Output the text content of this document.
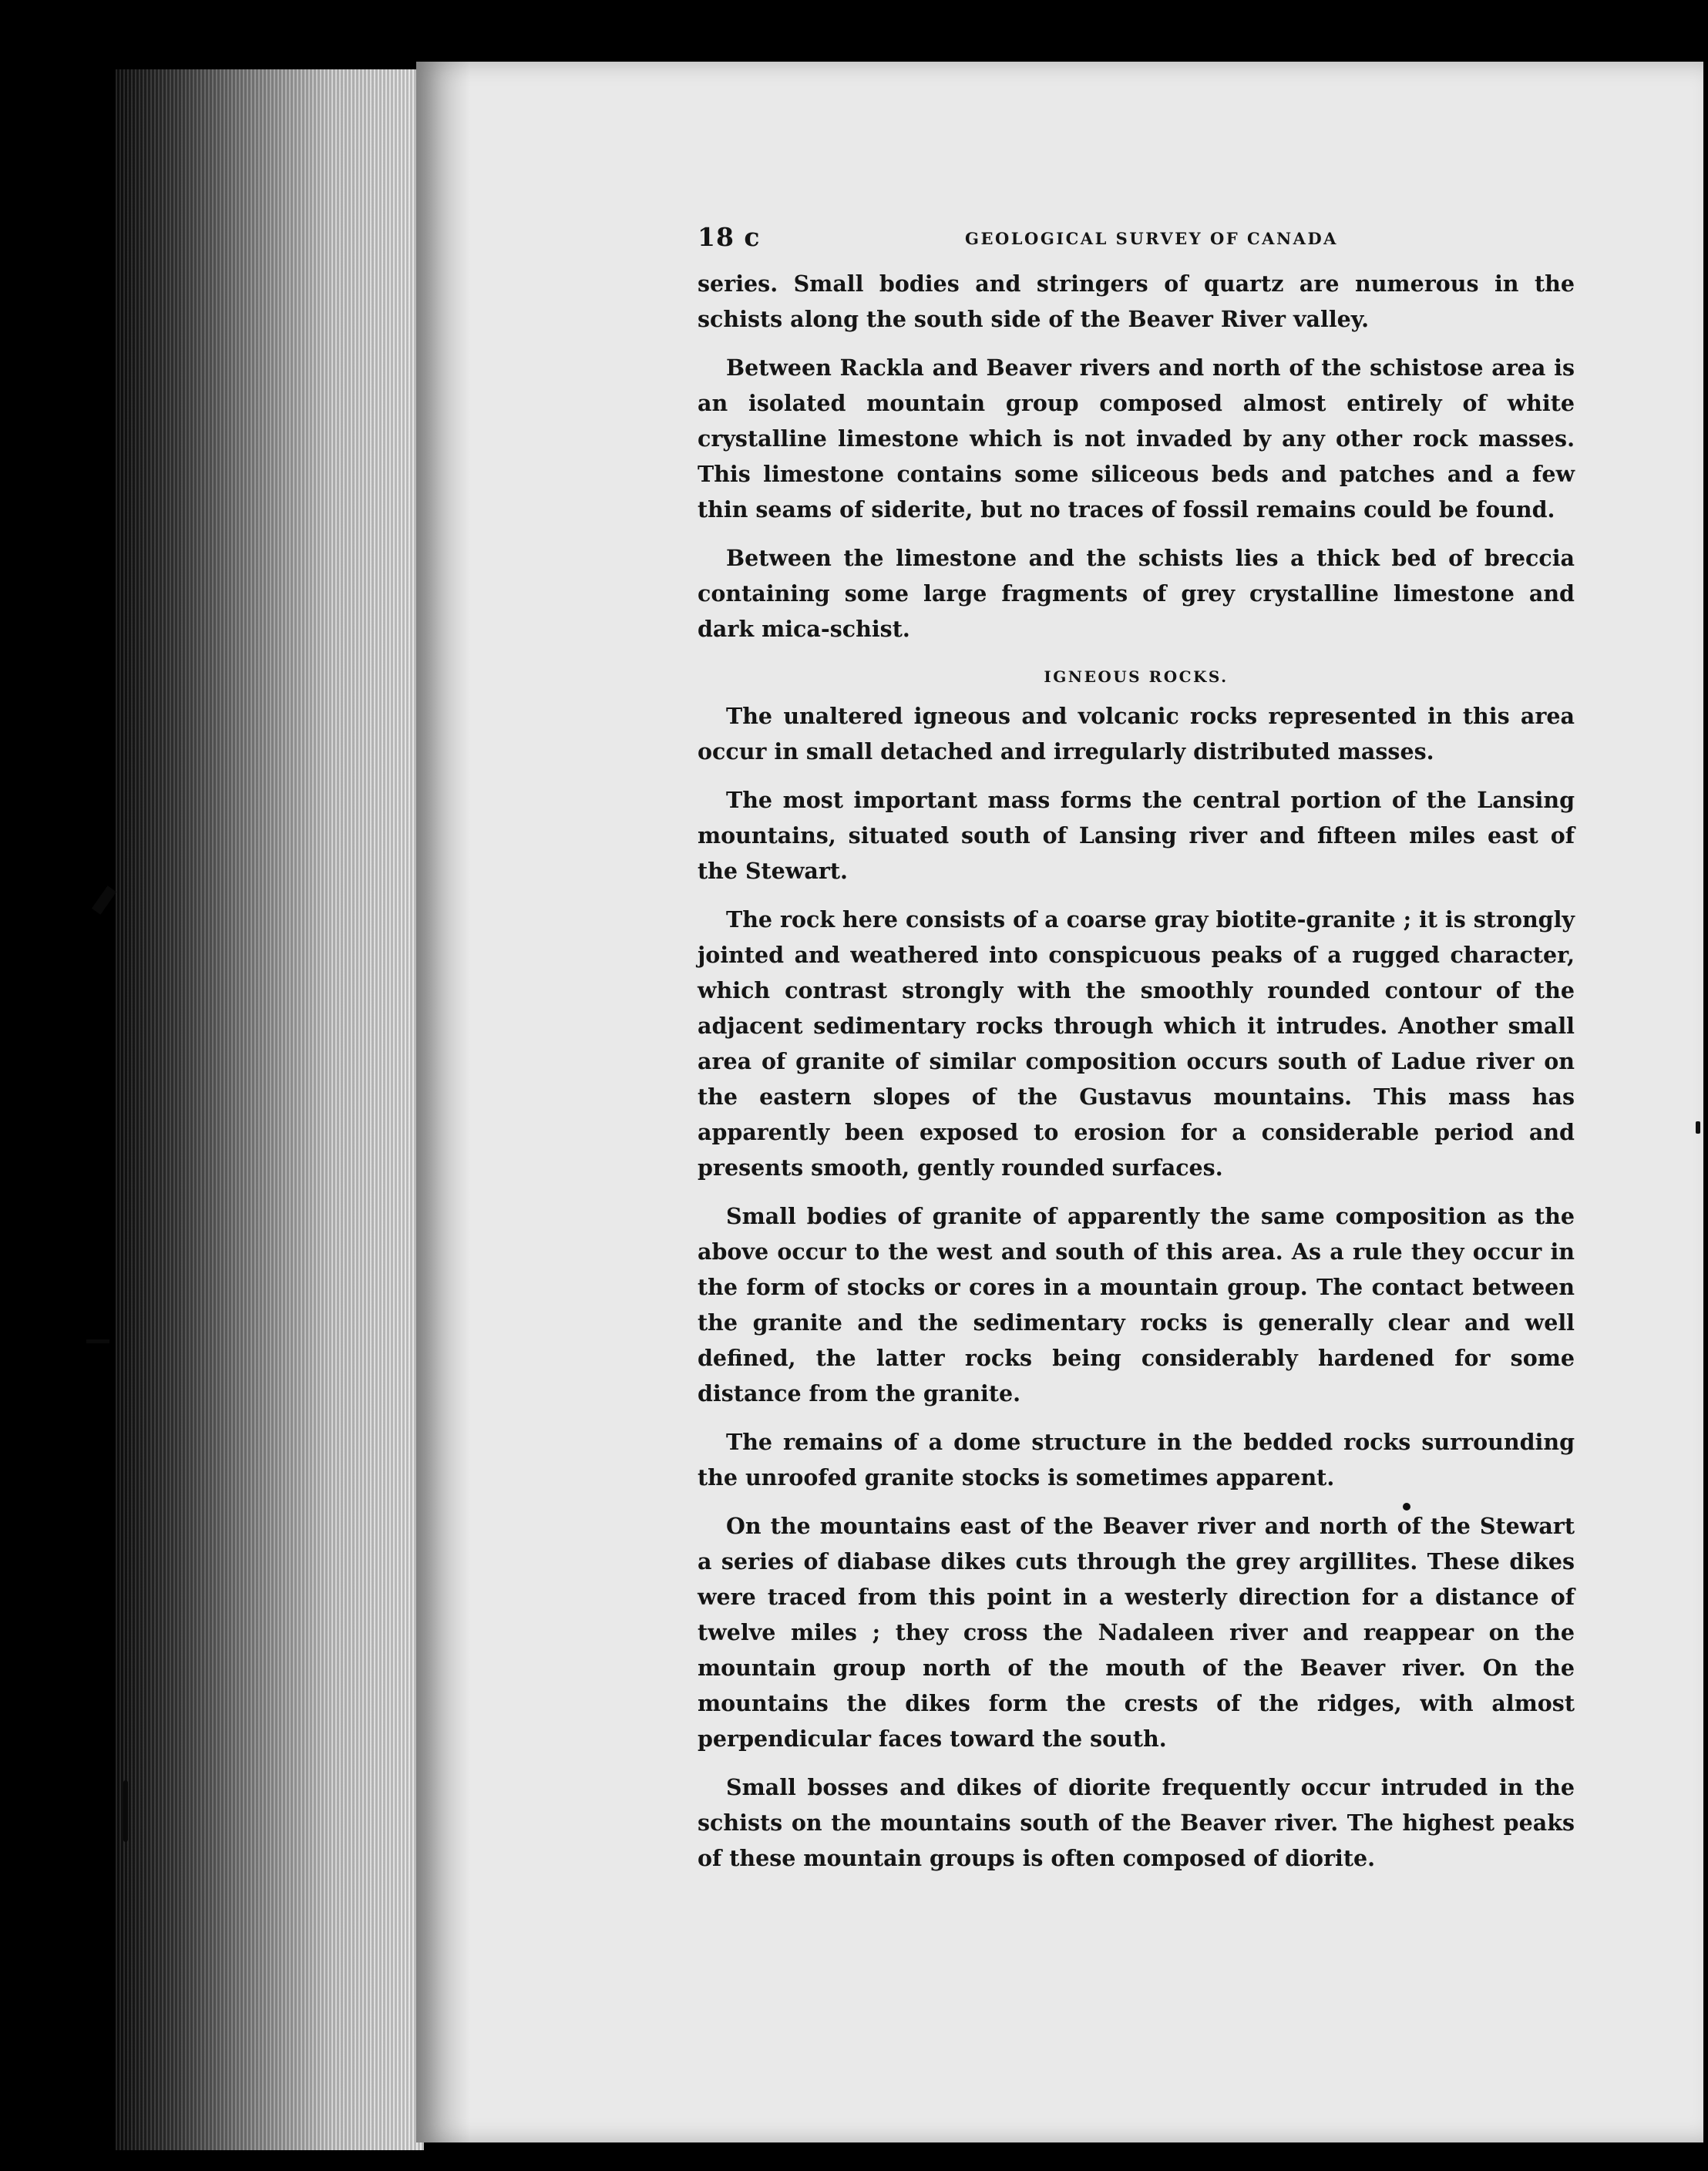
18 c	GEOLOGICAL SURVEY OF CANADA

series. Small bodies and stringers of quartz are numerous in the schists along the south side of the Beaver River valley.

Between Rackla and Beaver rivers and north of the schistose area is an isolated mountain group composed almost entirely of white crystalline limestone which is not invaded by any other rock masses. This limestone contains some siliceous beds and patches and a few thin seams of siderite, but no traces of fossil remains could be found.

Between the limestone and the schists lies a thick bed of breccia containing some large fragments of grey crystalline limestone and dark mica-schist.

IGNEOUS ROCKS.

The unaltered igneous and volcanic rocks represented in this area occur in small detached and irregularly distributed masses.

The most important mass forms the central portion of the Lansing mountains, situated south of Lansing river and fifteen miles east of the Stewart.

The rock here consists of a coarse gray biotite-granite ; it is strongly jointed and weathered into conspicuous peaks of a rugged character, which contrast strongly with the smoothly rounded contour of the adjacent sedimentary rocks through which it intrudes. Another small area of granite of similar composition occurs south of Ladue river on the eastern slopes of the Gustavus mountains. This mass has apparently been exposed to erosion for a considerable period and presents smooth, gently rounded surfaces.

Small bodies of granite of apparently the same composition as the above occur to the west and south of this area. As a rule they occur in the form of stocks or cores in a mountain group. The contact between the granite and the sedimentary rocks is generally clear and well defined, the latter rocks being considerably hardened for some distance from the granite.

The remains of a dome structure in the bedded rocks surrounding the unroofed granite stocks is sometimes apparent.

On the mountains east of the Beaver river and north of the Stewart a series of diabase dikes cuts through the grey argillites. These dikes were traced from this point in a westerly direction for a distance of twelve miles ; they cross the Nadaleen river and reappear on the mountain group north of the mouth of the Beaver river. On the mountains the dikes form the crests of the ridges, with almost perpendicular faces toward the south.

Small bosses and dikes of diorite frequently occur intruded in the schists on the mountains south of the Beaver river. The highest peaks of these mountain groups is often composed of diorite.
